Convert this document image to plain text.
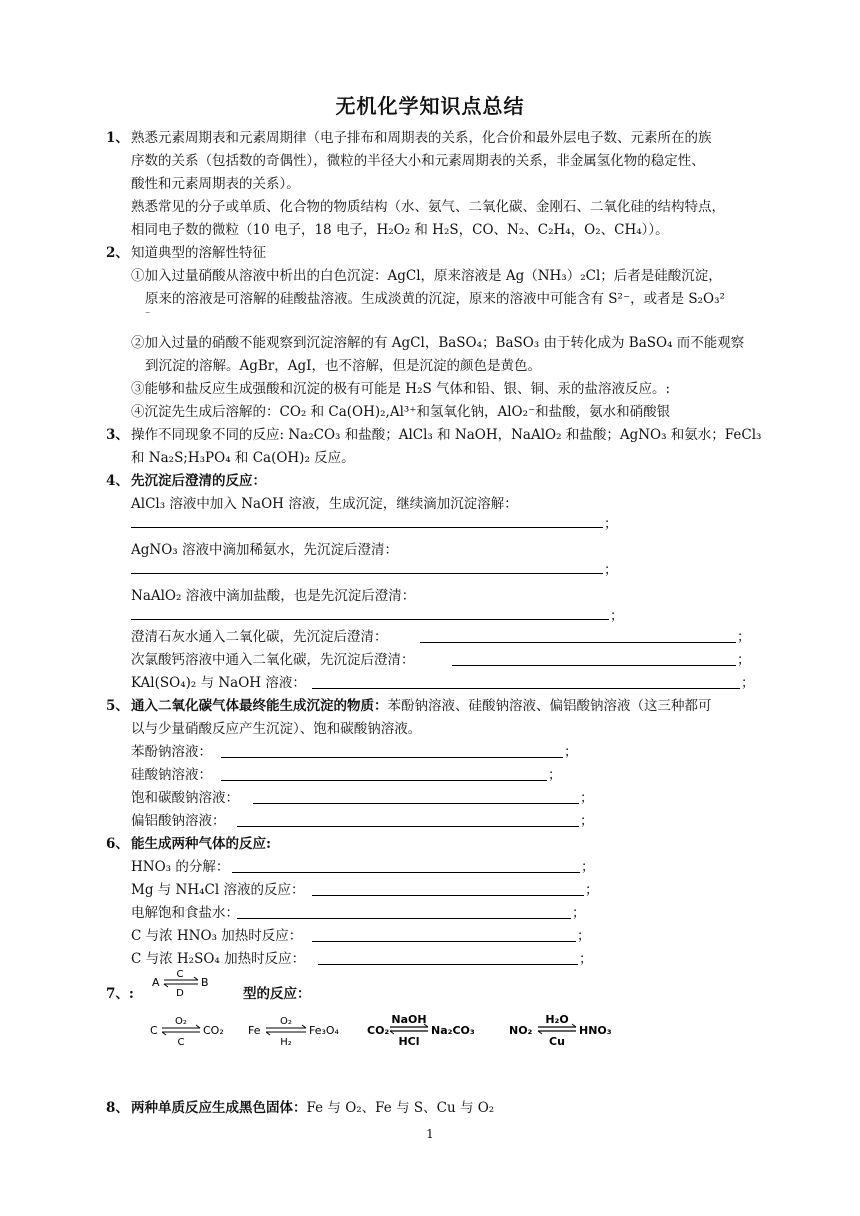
无机化学知识点总结
1、 熟悉元素周期表和元素周期律（电子排布和周期表的关系，化合价和最外层电子数、元素所在的族
序数的关系（包括数的奇偶性），微粒的半径大小和元素周期表的关系，非金属氢化物的稳定性、
酸性和元素周期表的关系）。
熟悉常见的分子或单质、化合物的物质结构（水、氨气、二氧化碳、金刚石、二氧化硅的结构特点，
相同电子数的微粒（10 电子，18 电子，H₂O₂ 和 H₂S，CO、N₂、C₂H₄，O₂、CH₄））。
2、 知道典型的溶解性特征
①加入过量硝酸从溶液中析出的白色沉淀：AgCl，原来溶液是 Ag（NH₃）₂Cl；后者是硅酸沉淀，
原来的溶液是可溶解的硅酸盐溶液。生成淡黄的沉淀，原来的溶液中可能含有 S²⁻，或者是 S₂O₃²
⁻
②加入过量的硝酸不能观察到沉淀溶解的有 AgCl，BaSO₄；BaSO₃ 由于转化成为 BaSO₄ 而不能观察
到沉淀的溶解。AgBr，AgI，也不溶解，但是沉淀的颜色是黄色。
③能够和盐反应生成强酸和沉淀的极有可能是 H₂S 气体和铅、银、铜、汞的盐溶液反应。:
④沉淀先生成后溶解的：CO₂ 和 Ca(OH)₂,Al³⁺和氢氧化钠，AlO₂⁻和盐酸，氨水和硝酸银
3、 操作不同现象不同的反应: Na₂CO₃ 和盐酸；AlCl₃ 和 NaOH，NaAlO₂ 和盐酸；AgNO₃ 和氨水；FeCl₃
和 Na₂S;H₃PO₄ 和 Ca(OH)₂ 反应。
4、 先沉淀后澄清的反应：
AlCl₃ 溶液中加入 NaOH 溶液，生成沉淀，继续滴加沉淀溶解：
；
AgNO₃ 溶液中滴加稀氨水，先沉淀后澄清：
；
NaAlO₂ 溶液中滴加盐酸，也是先沉淀后澄清：
；
澄清石灰水通入二氧化碳，先沉淀后澄清：	；
次氯酸钙溶液中通入二氧化碳，先沉淀后澄清：	；
KAl(SO₄)₂ 与 NaOH 溶液：	；
5、 通入二氧化碳气体最终能生成沉淀的物质：苯酚钠溶液、硅酸钠溶液、偏铝酸钠溶液（这三种都可
以与少量硝酸反应产生沉淀）、饱和碳酸钠溶液。
苯酚钠溶液：	；
硅酸钠溶液：	；
饱和碳酸钠溶液：	；
偏铝酸钠溶液：	；
6、 能生成两种气体的反应:
HNO₃ 的分解：	；
Mg 与 NH₄Cl 溶液的反应：	；
电解饱和食盐水：	；
C 与浓 HNO₃ 加热时反应：	；
C 与浓 H₂SO₄ 加热时反应：	；
7、:
A
C
D
B
型的反应：
C
O₂
C
CO₂ Fe
O₂
H₂
Fe₃O₄	CO₂
NaOH
HCl
Na₂CO₃	NO₂
H₂O
Cu
HNO₃
8、 两种单质反应生成黑色固体：Fe 与 O₂、Fe 与 S、Cu 与 O₂
1
